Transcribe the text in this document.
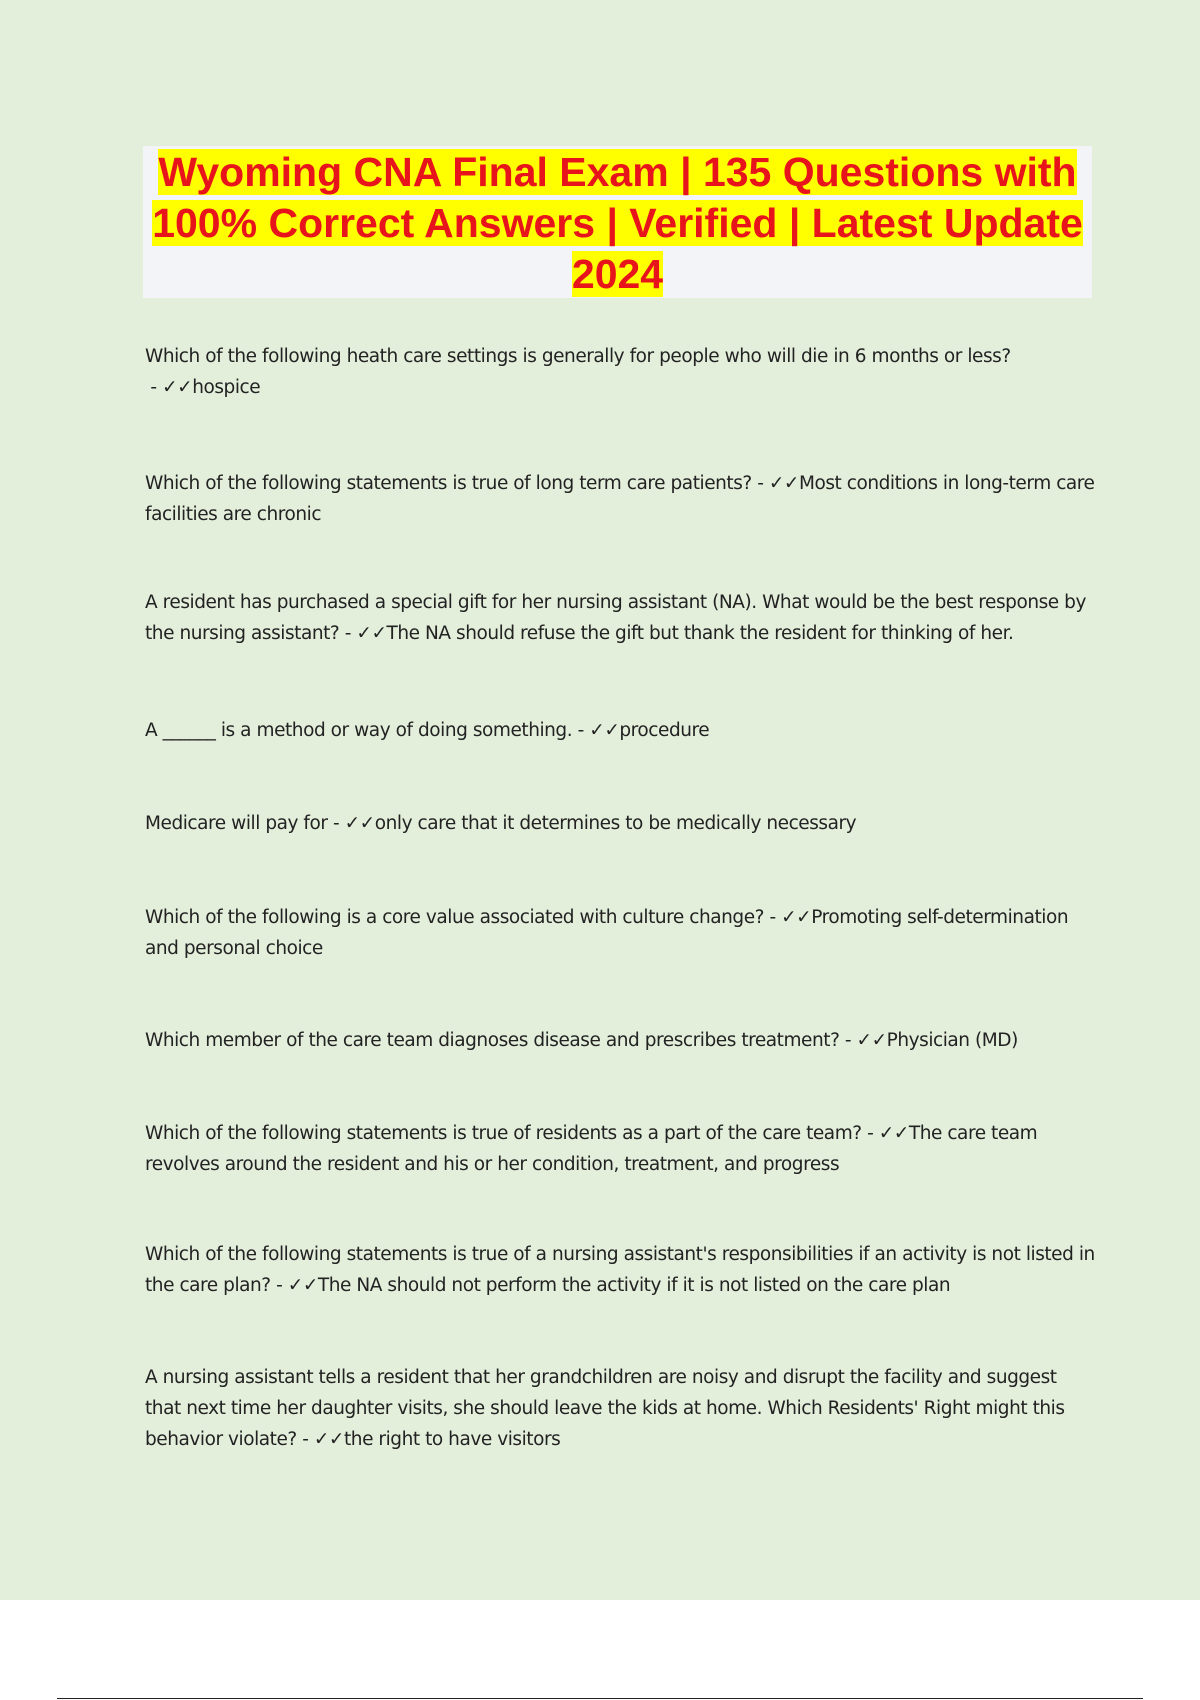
Wyoming CNA Final Exam | 135 Questions with 100% Correct Answers | Verified | Latest Update 2024

Which of the following heath care settings is generally for people who will die in 6 months or less? - ✓✓hospice

Which of the following statements is true of long term care patients? - ✓✓Most conditions in long-term care facilities are chronic

A resident has purchased a special gift for her nursing assistant (NA). What would be the best response by the nursing assistant? - ✓✓The NA should refuse the gift but thank the resident for thinking of her.

A ______ is a method or way of doing something. - ✓✓procedure

Medicare will pay for - ✓✓only care that it determines to be medically necessary

Which of the following is a core value associated with culture change? - ✓✓Promoting self-determination and personal choice

Which member of the care team diagnoses disease and prescribes treatment? - ✓✓Physician (MD)

Which of the following statements is true of residents as a part of the care team? - ✓✓The care team revolves around the resident and his or her condition, treatment, and progress

Which of the following statements is true of a nursing assistant's responsibilities if an activity is not listed in the care plan? - ✓✓The NA should not perform the activity if it is not listed on the care plan

A nursing assistant tells a resident that her grandchildren are noisy and disrupt the facility and suggest that next time her daughter visits, she should leave the kids at home. Which Residents' Right might this behavior violate? - ✓✓the right to have visitors
